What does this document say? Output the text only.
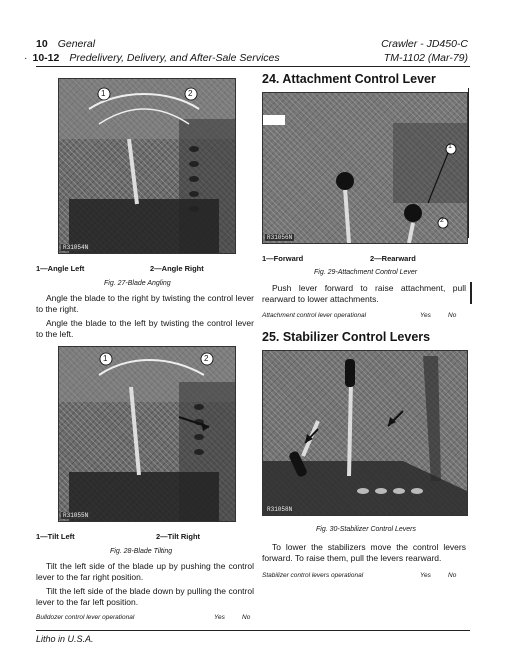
10 General
· 10-12 Predelivery, Delivery, and After-Sale Services
Crawler - JD450-C
TM-1102 (Mar-79)
1	2
R31054N
1—Angle Left	2—Angle Right
Fig. 27-Blade Angling

Angle the blade to the right by twisting the control lever to the right.

Angle the blade to the left by twisting the control lever to the left.

1	2
R31055N
1—Tilt Left	2—Tilt Right
Fig. 28-Blade Tilting

Tilt the left side of the blade up by pushing the control lever to the far right position.

Tilt the left side of the blade down by pulling the control lever to the far left position.

Bulldozer control lever operational	Yes	No
24. Attachment Control Lever
1
2
R31056N
1—Forward	2—Rearward
Fig. 29-Attachment Control Lever

Push lever forward to raise attachment, pull rearward to lower attachments.

Attachment control lever operational	Yes	No
25. Stabilizer Control Levers
R31058N
Fig. 30-Stabilizer Control Levers

To lower the stabilizers move the control levers forward. To raise them, pull the levers rearward.

Stabilizer control levers operational	Yes	No
Litho in U.S.A.
